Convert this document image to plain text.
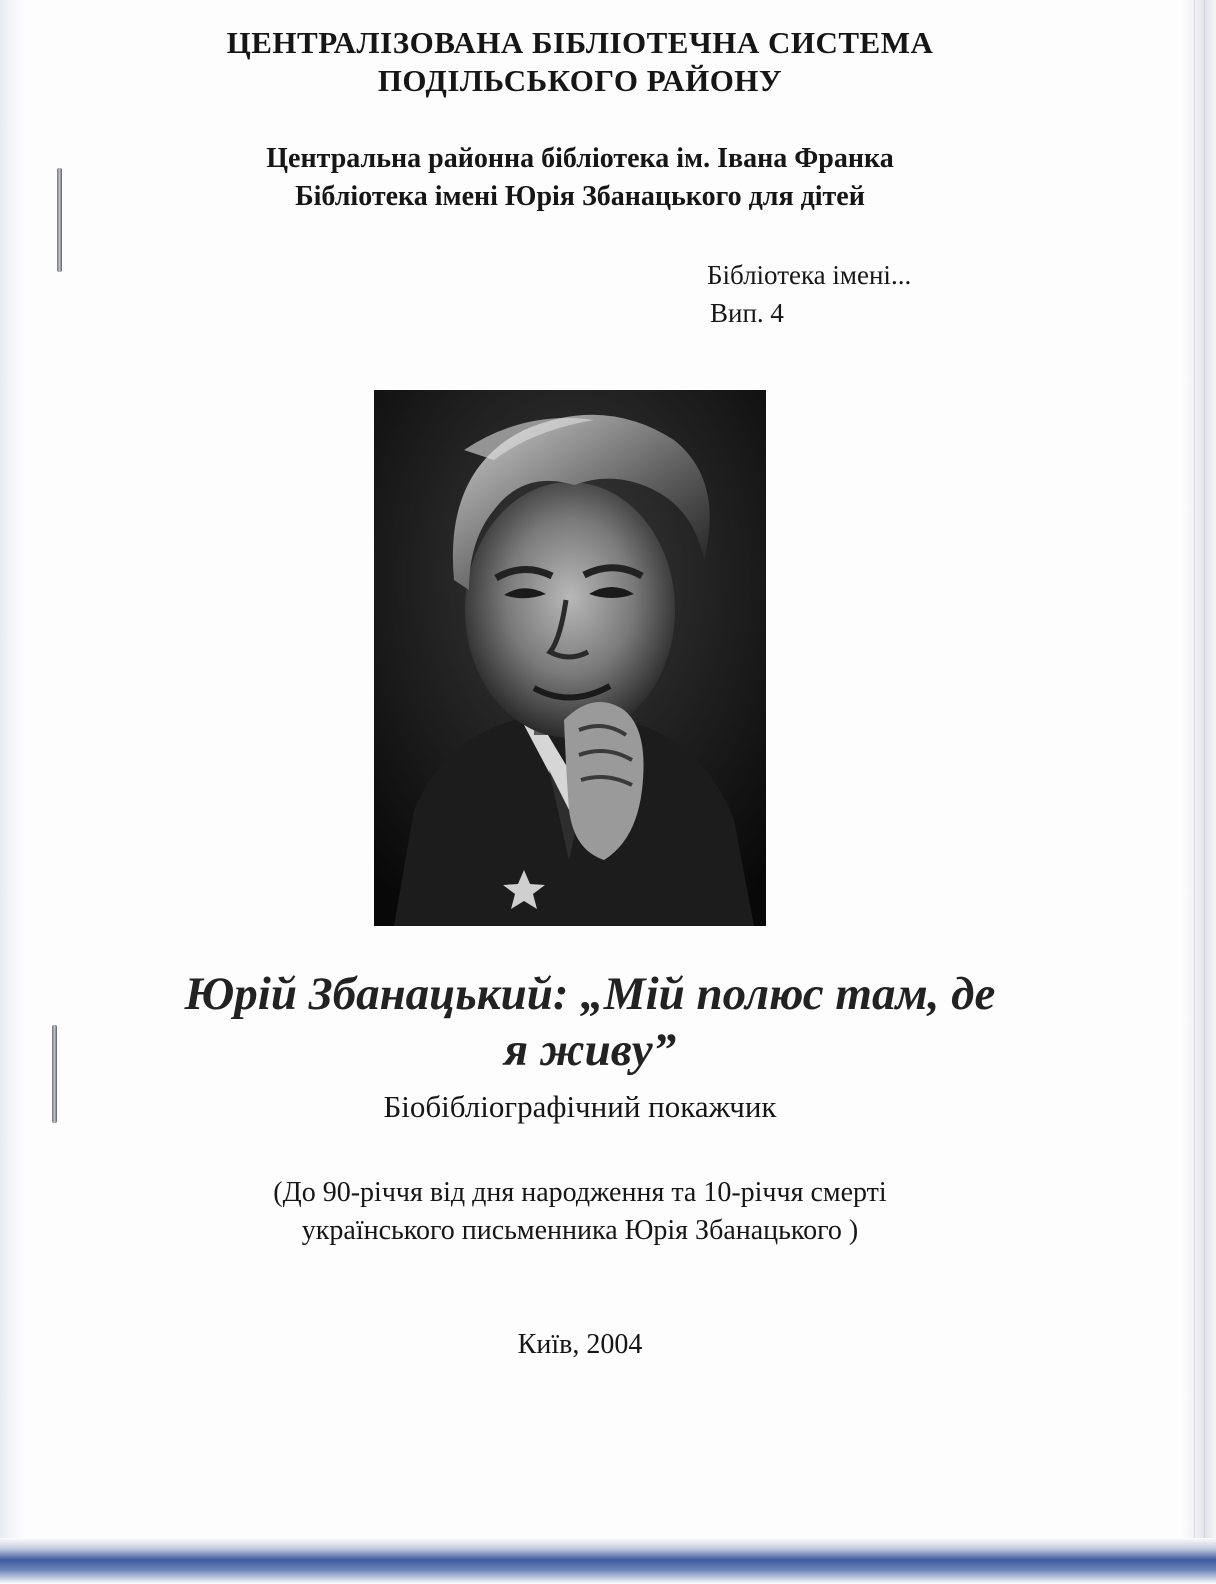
ЦЕНТРАЛІЗОВАНА БІБЛІОТЕЧНА СИСТЕМА
ПОДІЛЬСЬКОГО РАЙОНУ
Центральна районна бібліотека ім. Івана Франка
Бібліотека імені Юрія Збанацького для дітей
Бібліотека імені...
Вип. 4
Юрій Збанацький: „Мій полюс там, де
я живу”
Біобібліографічний покажчик
(До 90-річчя від дня народження та 10-річчя смерті
українського письменника Юрія Збанацького )
Київ, 2004
